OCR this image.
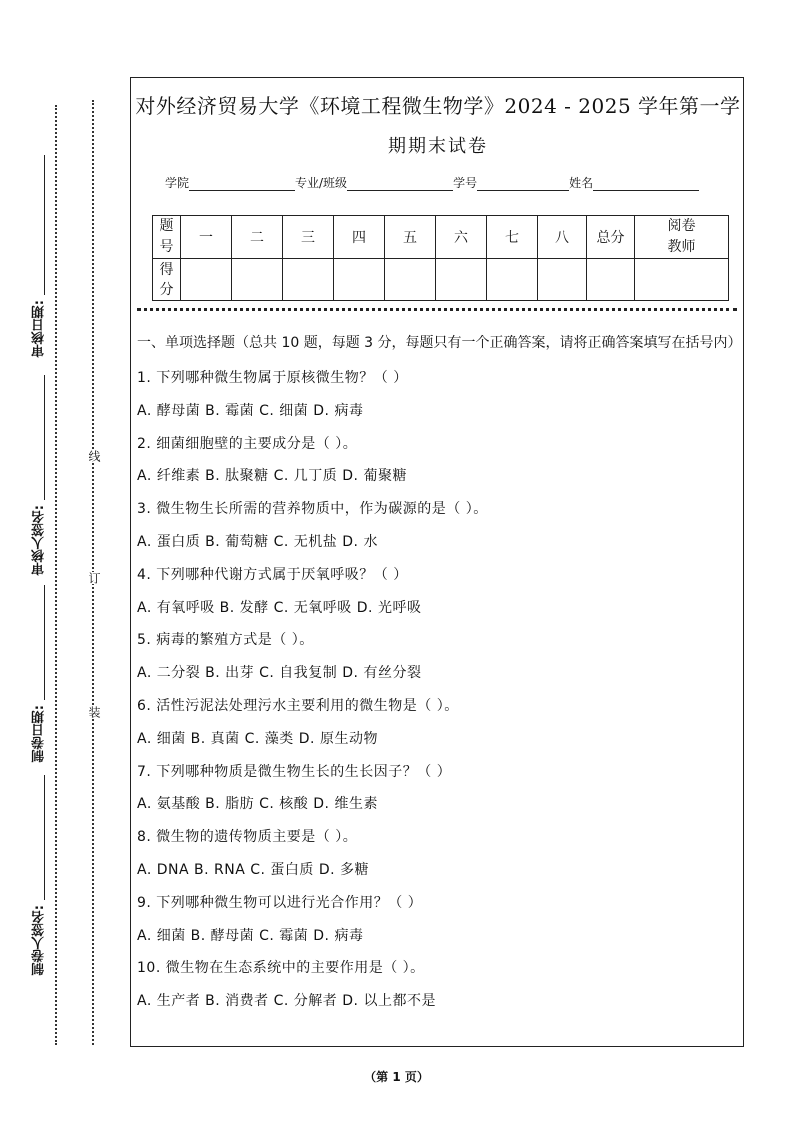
审核日期:
审核人签名:
制卷日期:
制卷人签名:
线
订
装
对外经济贸易大学《环境工程微生物学》2024 - 2025 学年第一学
期期末试卷
学院	专业/班级	学号	姓名
题号	一	二	三	四	五	六	七	八	总分	阅卷教师
得分										
一、单项选择题（总共 10 题，每题 3 分，每题只有一个正确答案，请将正确答案填写在括号内）
1. 下列哪种微生物属于原核微生物？（ ）
A. 酵母菌 B. 霉菌 C. 细菌 D. 病毒
2. 细菌细胞壁的主要成分是（ ）。
A. 纤维素 B. 肽聚糖 C. 几丁质 D. 葡聚糖
3. 微生物生长所需的营养物质中，作为碳源的是（ ）。
A. 蛋白质 B. 葡萄糖 C. 无机盐 D. 水
4. 下列哪种代谢方式属于厌氧呼吸？（ ）
A. 有氧呼吸 B. 发酵 C. 无氧呼吸 D. 光呼吸
5. 病毒的繁殖方式是（ ）。
A. 二分裂 B. 出芽 C. 自我复制 D. 有丝分裂
6. 活性污泥法处理污水主要利用的微生物是（ ）。
A. 细菌 B. 真菌 C. 藻类 D. 原生动物
7. 下列哪种物质是微生物生长的生长因子？（ ）
A. 氨基酸 B. 脂肪 C. 核酸 D. 维生素
8. 微生物的遗传物质主要是（ ）。
A. DNA B. RNA C. 蛋白质 D. 多糖
9. 下列哪种微生物可以进行光合作用？（ ）
A. 细菌 B. 酵母菌 C. 霉菌 D. 病毒
10. 微生物在生态系统中的主要作用是（ ）。
A. 生产者 B. 消费者 C. 分解者 D. 以上都不是
（第 1 页）
